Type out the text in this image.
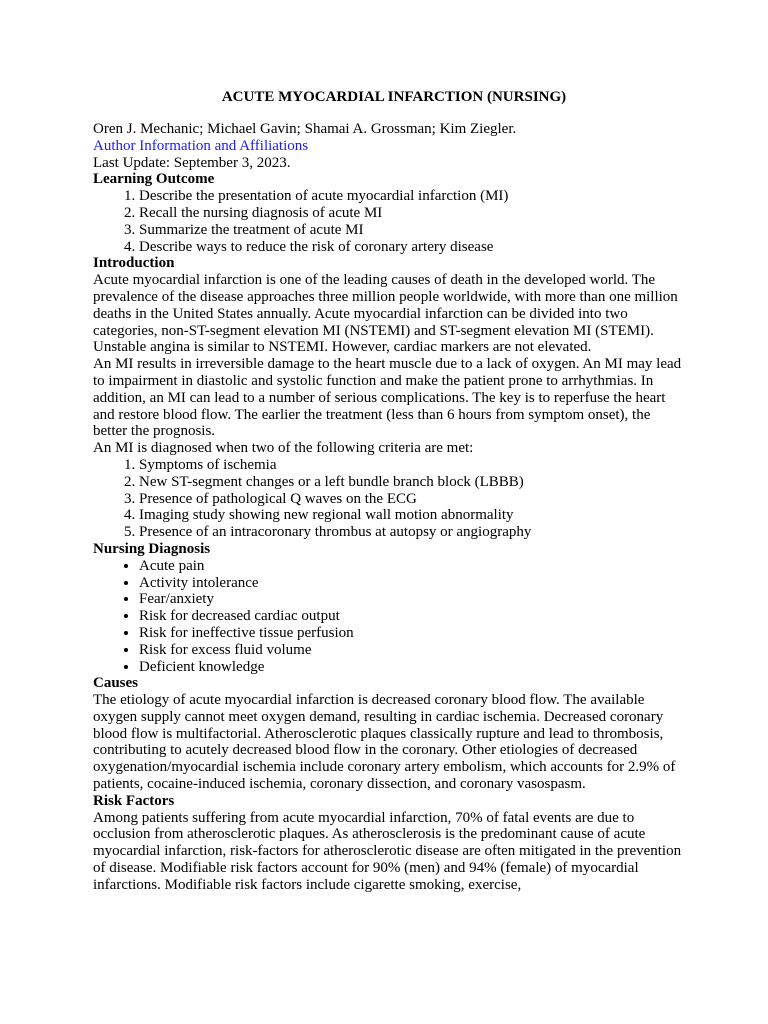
ACUTE MYOCARDIAL INFARCTION (NURSING)

Oren J. Mechanic; Michael Gavin; Shamai A. Grossman; Kim Ziegler.

Author Information and Affiliations

Last Update: September 3, 2023.

Learning Outcome
1. Describe the presentation of acute myocardial infarction (MI)
2. Recall the nursing diagnosis of acute MI
3. Summarize the treatment of acute MI
4. Describe ways to reduce the risk of coronary artery disease
Introduction

Acute myocardial infarction is one of the leading causes of death in the developed world. The prevalence of the disease approaches three million people worldwide, with more than one million deaths in the United States annually. Acute myocardial infarction can be divided into two categories, non-ST-segment elevation MI (NSTEMI) and ST-segment elevation MI (STEMI). Unstable angina is similar to NSTEMI. However, cardiac markers are not elevated.

An MI results in irreversible damage to the heart muscle due to a lack of oxygen. An MI may lead to impairment in diastolic and systolic function and make the patient prone to arrhythmias. In addition, an MI can lead to a number of serious complications. The key is to reperfuse the heart and restore blood flow. The earlier the treatment (less than 6 hours from symptom onset), the better the prognosis.

An MI is diagnosed when two of the following criteria are met:

1. Symptoms of ischemia
2. New ST-segment changes or a left bundle branch block (LBBB)
3. Presence of pathological Q waves on the ECG
4. Imaging study showing new regional wall motion abnormality
5. Presence of an intracoronary thrombus at autopsy or angiography
Nursing Diagnosis
• Acute pain
• Activity intolerance
• Fear/anxiety
• Risk for decreased cardiac output
• Risk for ineffective tissue perfusion
• Risk for excess fluid volume
• Deficient knowledge
Causes

The etiology of acute myocardial infarction is decreased coronary blood flow. The available oxygen supply cannot meet oxygen demand, resulting in cardiac ischemia. Decreased coronary blood flow is multifactorial. Atherosclerotic plaques classically rupture and lead to thrombosis, contributing to acutely decreased blood flow in the coronary. Other etiologies of decreased oxygenation/myocardial ischemia include coronary artery embolism, which accounts for 2.9% of patients, cocaine-induced ischemia, coronary dissection, and coronary vasospasm.

Risk Factors

Among patients suffering from acute myocardial infarction, 70% of fatal events are due to occlusion from atherosclerotic plaques. As atherosclerosis is the predominant cause of acute myocardial infarction, risk-factors for atherosclerotic disease are often mitigated in the prevention of disease. Modifiable risk factors account for 90% (men) and 94% (female) of myocardial infarctions. Modifiable risk factors include cigarette smoking, exercise,
